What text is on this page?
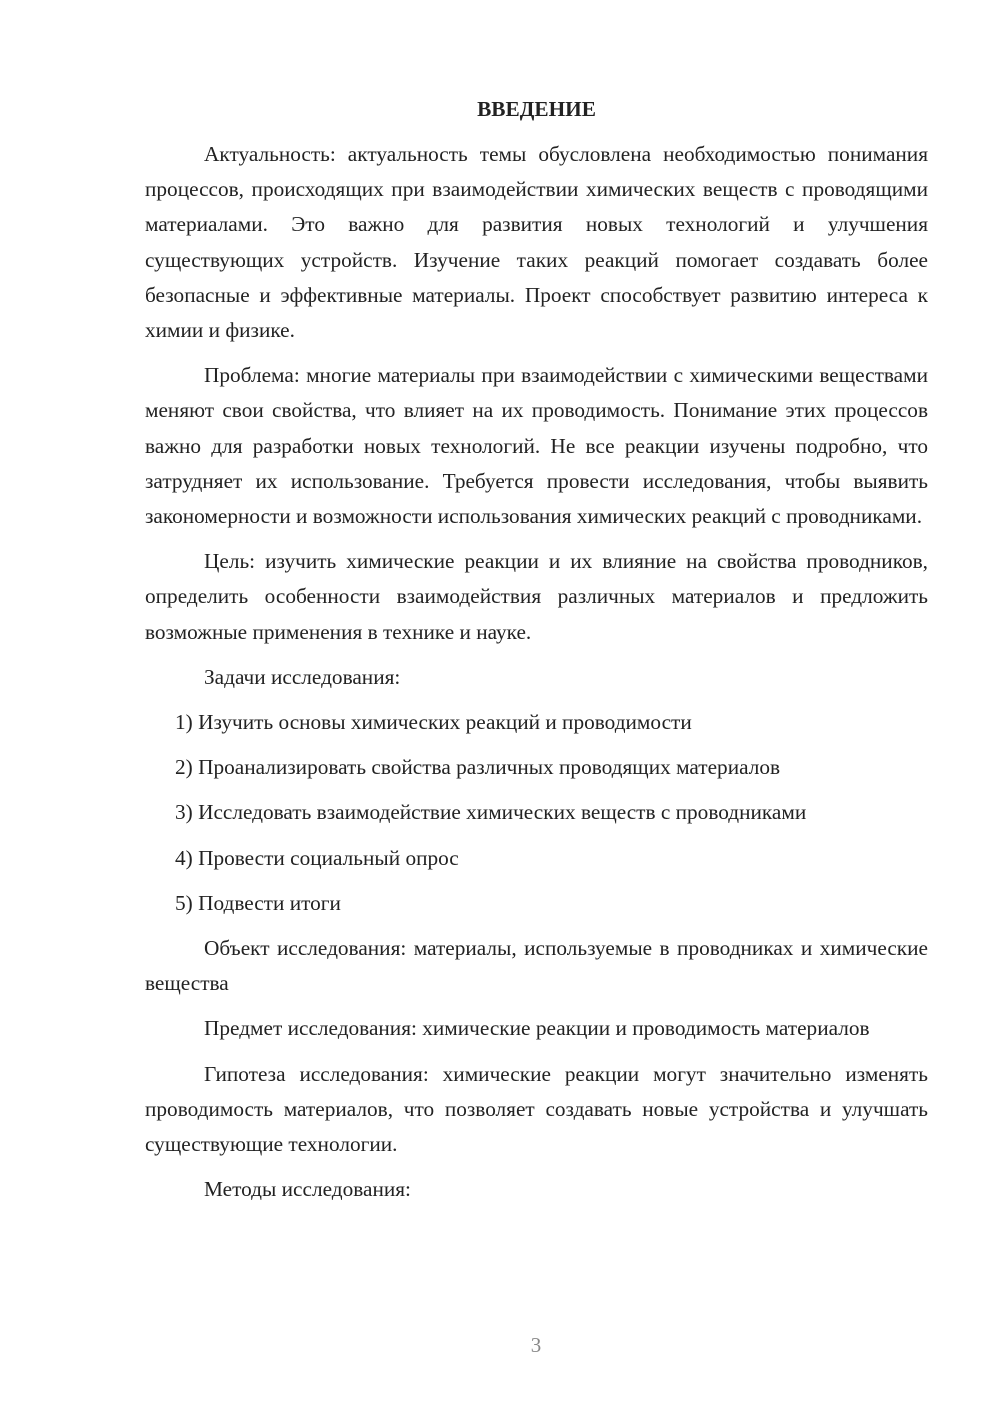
ВВЕДЕНИЕ

Актуальность: актуальность темы обусловлена необходимостью понимания процессов, происходящих при взаимодействии химических веществ с проводящими материалами. Это важно для развития новых технологий и улучшения существующих устройств. Изучение таких реакций помогает создавать более безопасные и эффективные материалы. Проект способствует развитию интереса к химии и физике.

Проблема: многие материалы при взаимодействии с химическими веществами меняют свои свойства, что влияет на их проводимость. Понимание этих процессов важно для разработки новых технологий. Не все реакции изучены подробно, что затрудняет их использование. Требуется провести исследования, чтобы выявить закономерности и возможности использования химических реакций с проводниками.

Цель: изучить химические реакции и их влияние на свойства проводников, определить особенности взаимодействия различных материалов и предложить возможные применения в технике и науке.

Задачи исследования:

1) Изучить основы химических реакций и проводимости
2) Проанализировать свойства различных проводящих материалов
3) Исследовать взаимодействие химических веществ с проводниками
4) Провести социальный опрос
5) Подвести итоги

Объект исследования: материалы, используемые в проводниках и химические вещества

Предмет исследования: химические реакции и проводимость материалов

Гипотеза исследования: химические реакции могут значительно изменять проводимость материалов, что позволяет создавать новые устройства и улучшать существующие технологии.

Методы исследования:

3
